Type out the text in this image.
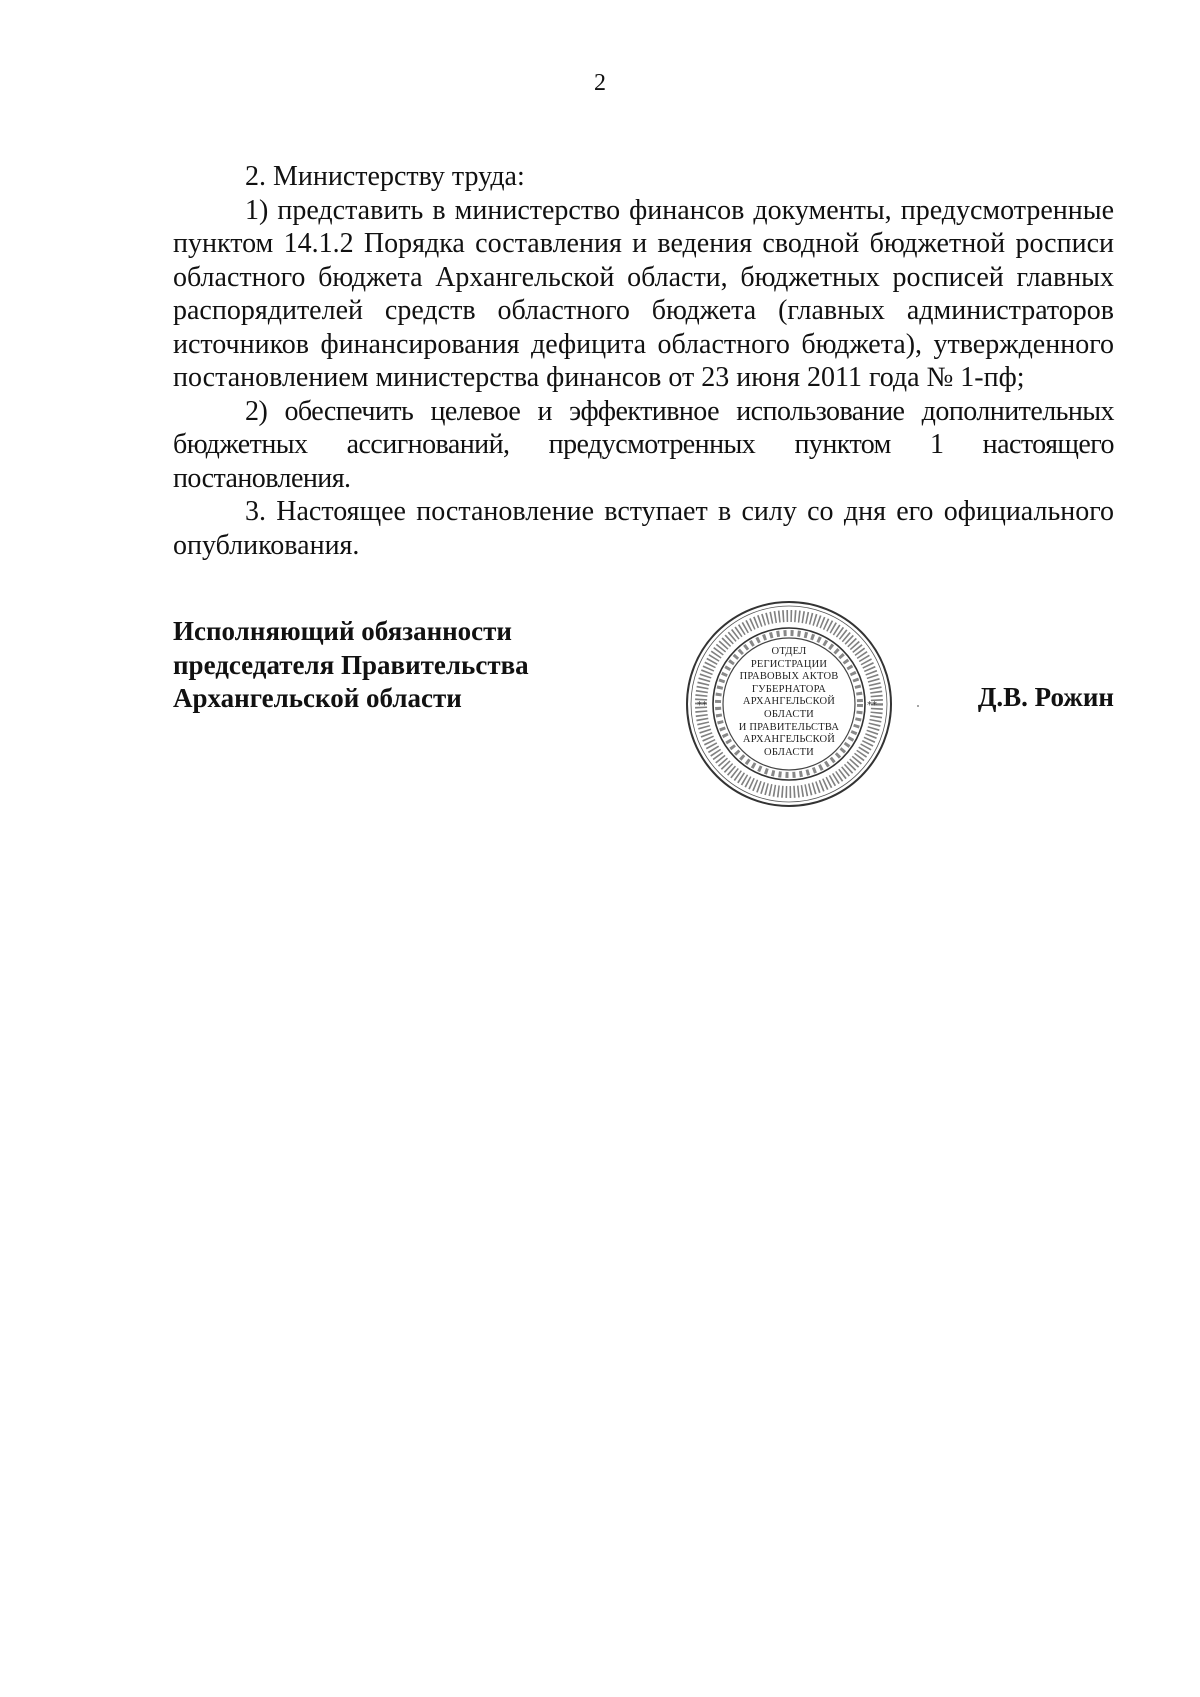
2

2. Министерству труда:

1) представить в министерство финансов документы, предусмотренные пунктом 14.1.2 Порядка составления и ведения сводной бюджетной росписи областного бюджета Архангельской области, бюджетных росписей главных распорядителей средств областного бюджета (главных администраторов источников финансирования дефицита областного бюджета), утвержденного постановлением министерства финансов от 23 июня 2011 года № 1-пф;

2) обеспечить целевое и эффективное использование дополнительных бюджетных ассигнований, предусмотренных пунктом 1 настоящего постановления.

3. Настоящее постановление вступает в силу со дня его официального опубликования.

Исполняющий обязанности
председателя Правительства
Архангельской области	**	**
ОТДЕЛ
РЕГИСТРАЦИИ
ПРАВОВЫХ АКТОВ
ГУБЕРНАТОРА
АРХАНГЕЛЬСКОЙ
ОБЛАСТИ
И ПРАВИТЕЛЬСТВА
АРХАНГЕЛЬСКОЙ
ОБЛАСТИ
Д.В. Рожин
